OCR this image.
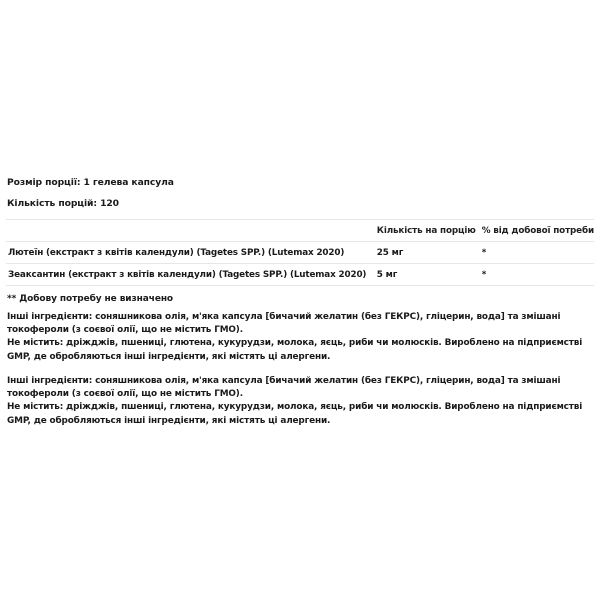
Розмір порції: 1 гелева капсула
Кількість порцій: 120
	Кількість на порцію	% від добової потреби
Лютеїн (екстракт з квітів календули) (Tagetes SPP.) (Lutemax 2020)	25 мг	*
Зеаксантин (екстракт з квітів календули) (Tagetes SPP.) (Lutemax 2020)	5 мг	*
** Добову потребу не визначено

Інші інгредієнти: соняшникова олія, м'яка капсула [бичачий желатин (без ГЕКРС), гліцерин, вода] та змішані токофероли (з соєвої олії, що не містить ГМО).

Не містить: дріжджів, пшениці, глютена, кукурудзи, молока, яєць, риби чи молюсків. Вироблено на підприємстві GMP, де обробляються інші інгредієнти, які містять ці алергени.

Інші інгредієнти: соняшникова олія, м'яка капсула [бичачий желатин (без ГЕКРС), гліцерин, вода] та змішані токофероли (з соєвої олії, що не містить ГМО).

Не містить: дріжджів, пшениці, глютена, кукурудзи, молока, яєць, риби чи молюсків. Вироблено на підприємстві GMP, де обробляються інші інгредієнти, які містять ці алергени.
